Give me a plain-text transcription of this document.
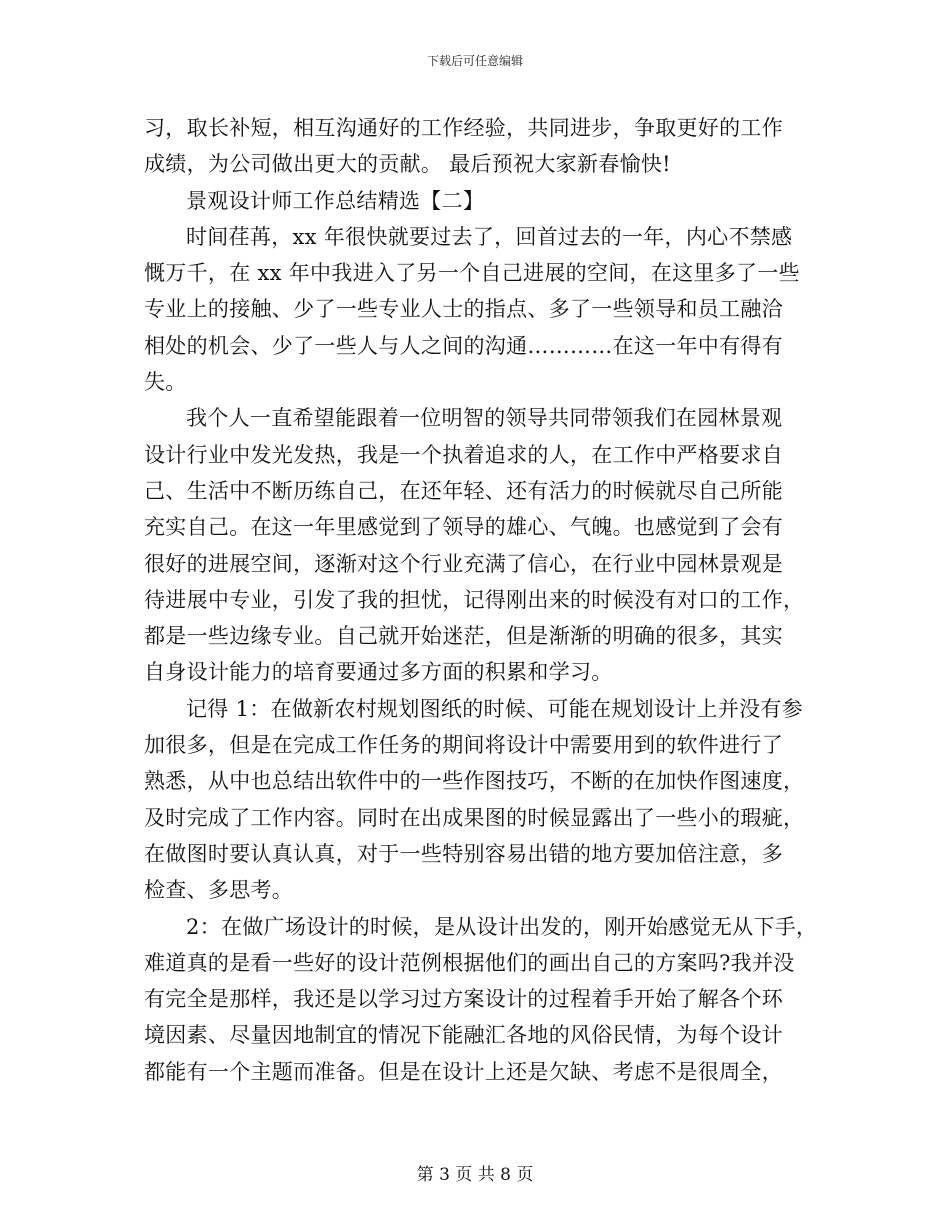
下载后可任意编辑
习，取长补短，相互沟通好的工作经验，共同进步，争取更好的工作
成绩，为公司做出更大的贡献。 最后预祝大家新春愉快!
景观设计师工作总结精选【二】
时间荏苒，xx 年很快就要过去了，回首过去的一年，内心不禁感
慨万千，在 xx 年中我进入了另一个自己进展的空间，在这里多了一些
专业上的接触、少了一些专业人士的指点、多了一些领导和员工融洽
相处的机会、少了一些人与人之间的沟通…………在这一年中有得有
失。
我个人一直希望能跟着一位明智的领导共同带领我们在园林景观
设计行业中发光发热，我是一个执着追求的人，在工作中严格要求自
己、生活中不断历练自己，在还年轻、还有活力的时候就尽自己所能
充实自己。在这一年里感觉到了领导的雄心、气魄。也感觉到了会有
很好的进展空间，逐渐对这个行业充满了信心，在行业中园林景观是
待进展中专业，引发了我的担忧，记得刚出来的时候没有对口的工作，
都是一些边缘专业。自己就开始迷茫，但是渐渐的明确的很多，其实
自身设计能力的培育要通过多方面的积累和学习。
记得 1：在做新农村规划图纸的时候、可能在规划设计上并没有参
加很多，但是在完成工作任务的期间将设计中需要用到的软件进行了
熟悉，从中也总结出软件中的一些作图技巧，不断的在加快作图速度，
及时完成了工作内容。同时在出成果图的时候显露出了一些小的瑕疵，
在做图时要认真认真，对于一些特别容易出错的地方要加倍注意，多
检查、多思考。
2：在做广场设计的时候，是从设计出发的，刚开始感觉无从下手，
难道真的是看一些好的设计范例根据他们的画出自己的方案吗?我并没
有完全是那样，我还是以学习过方案设计的过程着手开始了解各个环
境因素、尽量因地制宜的情况下能融汇各地的风俗民情，为每个设计
都能有一个主题而准备。但是在设计上还是欠缺、考虑不是很周全，
第 3 页 共 8 页
